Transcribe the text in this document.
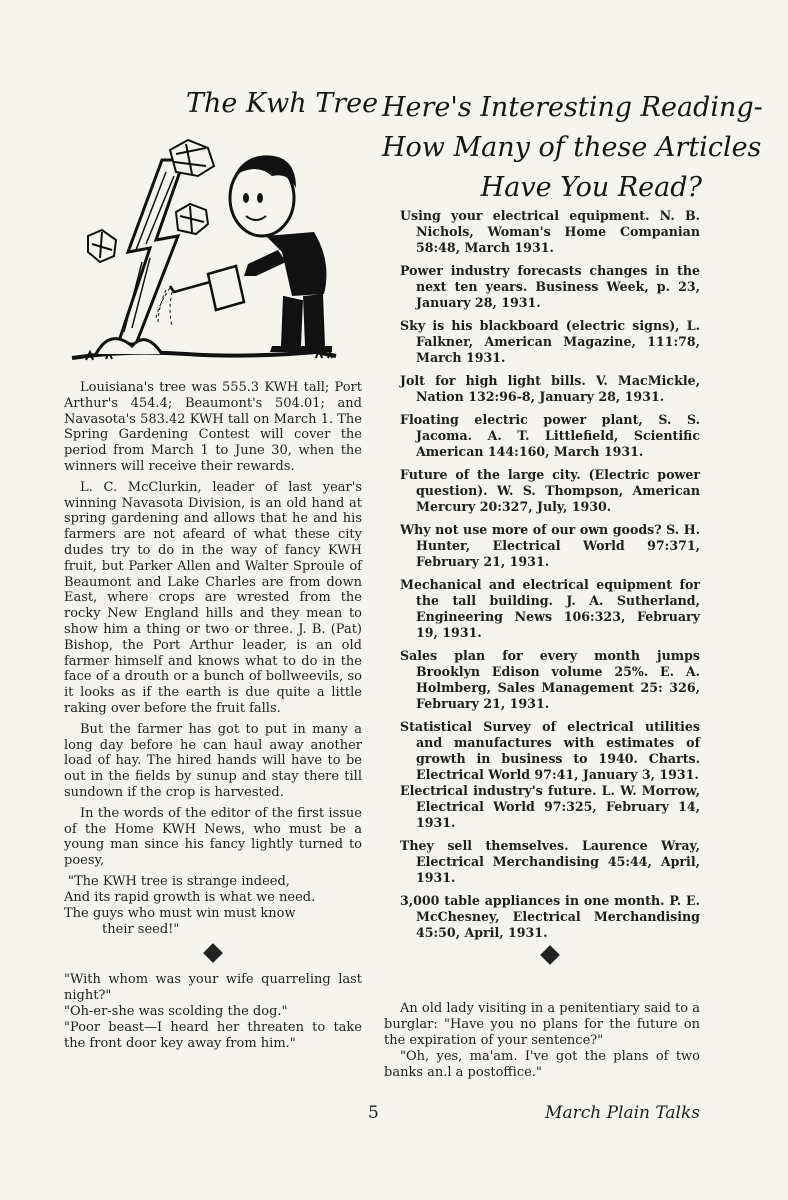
The Kwh Tree Here's Interesting Reading-
How Many of these Articles
Have You Read?

Louisiana's tree was 555.3 KWH tall; Port Arthur's 454.4; Beaumont's 504.01; and Navasota's 583.42 KWH tall on March 1. The Spring Gardening Contest will cover the period from March 1 to June 30, when the winners will receive their rewards.

L. C. McClurkin, leader of last year's winning Navasota Division, is an old hand at spring gardening and allows that he and his farmers are not afeard of what these city dudes try to do in the way of fancy KWH fruit, but Parker Allen and Walter Sproule of Beaumont and Lake Charles are from down East, where crops are wrested from the rocky New England hills and they mean to show him a thing or two or three. J. B. (Pat) Bishop, the Port Arthur leader, is an old farmer himself and knows what to do in the face of a drouth or a bunch of bollweevils, so it looks as if the earth is due quite a little raking over before the fruit falls.

But the farmer has got to put in many a long day before he can haul away another load of hay. The hired hands will have to be out in the fields by sunup and stay there till sundown if the crop is harvested.

In the words of the editor of the first issue of the Home KWH News, who must be a young man since his fancy lightly turned to poesy,

"The KWH tree is strange indeed,
And its rapid growth is what we need.
The guys who must win must know
their seed!"

"With whom was your wife quarreling last night?"

"Oh-er-she was scolding the dog."

"Poor beast—I heard her threaten to take the front door key away from him."

Using your electrical equipment. N. B. Nichols, Woman's Home Companian 58:48, March 1931.

Power industry forecasts changes in the next ten years. Business Week, p. 23, January 28, 1931.

Sky is his blackboard (electric signs), L. Falkner, American Magazine, 111:78, March 1931.

Jolt for high light bills. V. MacMickle, Nation 132:96-8, January 28, 1931.

Floating electric power plant, S. S. Jacoma. A. T. Littlefield, Scientific American 144:160, March 1931.

Future of the large city. (Electric power question). W. S. Thompson, American Mercury 20:327, July, 1930.

Why not use more of our own goods? S. H. Hunter, Electrical World 97:371, February 21, 1931.

Mechanical and electrical equipment for the tall building. J. A. Sutherland, Engineering News 106:323, February 19, 1931.

Sales plan for every month jumps Brooklyn Edison volume 25%. E. A. Holmberg, Sales Management 25: 326, February 21, 1931.

Statistical Survey of electrical utilities and manufactures with estimates of growth in business to 1940. Charts. Electrical World 97:41, January 3, 1931.
Electrical industry's future. L. W. Morrow, Electrical World 97:325, February 14, 1931.

They sell themselves. Laurence Wray, Electrical Merchandising 45:44, April, 1931.

3,000 table appliances in one month. P. E. McChesney, Electrical Merchandising 45:50, April, 1931.

An old lady visiting in a penitentiary said to a burglar: "Have you no plans for the future on the expiration of your sentence?"

"Oh, yes, ma'am. I've got the plans of two banks an.l a postoffice."

5	March Plain Talks
